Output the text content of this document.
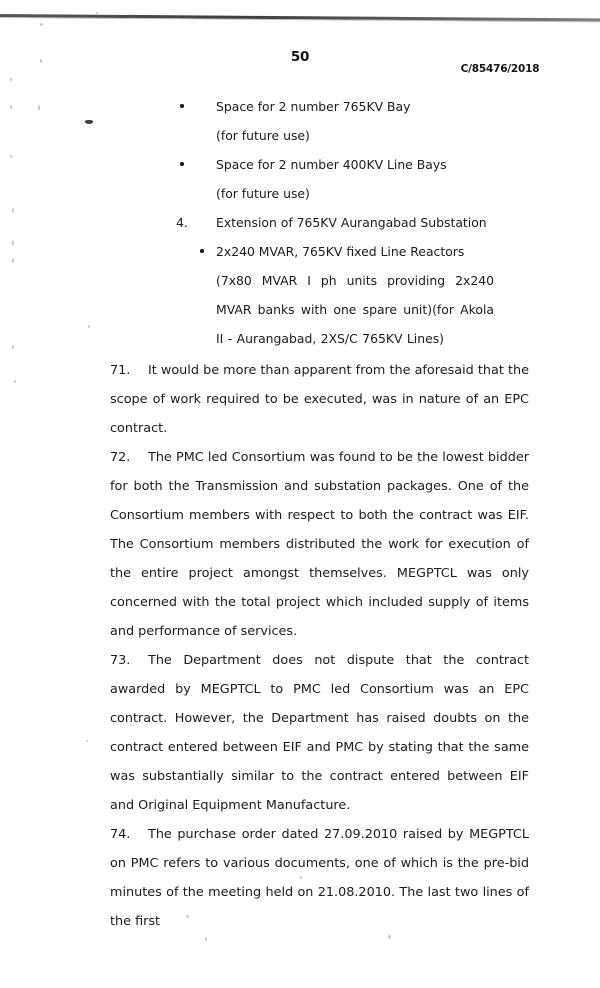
50
C/85476/2018
Space for 2 number 765KV Bay
(for future use)
Space for 2 number 400KV Line Bays
(for future use)
4. Extension of 765KV Aurangabad Substation
2x240 MVAR, 765KV fixed Line Reactors
(7x80 MVAR I ph units providing 2x240 MVAR banks with one spare unit)(for Akola II - Aurangabad, 2XS/C 765KV Lines)

71. It would be more than apparent from the aforesaid that the scope of work required to be executed, was in nature of an EPC contract.

72. The PMC led Consortium was found to be the lowest bidder for both the Transmission and substation packages. One of the Consortium members with respect to both the contract was EIF. The Consortium members distributed the work for execution of the entire project amongst themselves. MEGPTCL was only concerned with the total project which included supply of items and performance of services.

73. The Department does not dispute that the contract awarded by MEGPTCL to PMC led Consortium was an EPC contract. However, the Department has raised doubts on the contract entered between EIF and PMC by stating that the same was substantially similar to the contract entered between EIF and Original Equipment Manufacture.

74. The purchase order dated 27.09.2010 raised by MEGPTCL on PMC refers to various documents, one of which is the pre-bid minutes of the meeting held on 21.08.2010. The last two lines of the first
